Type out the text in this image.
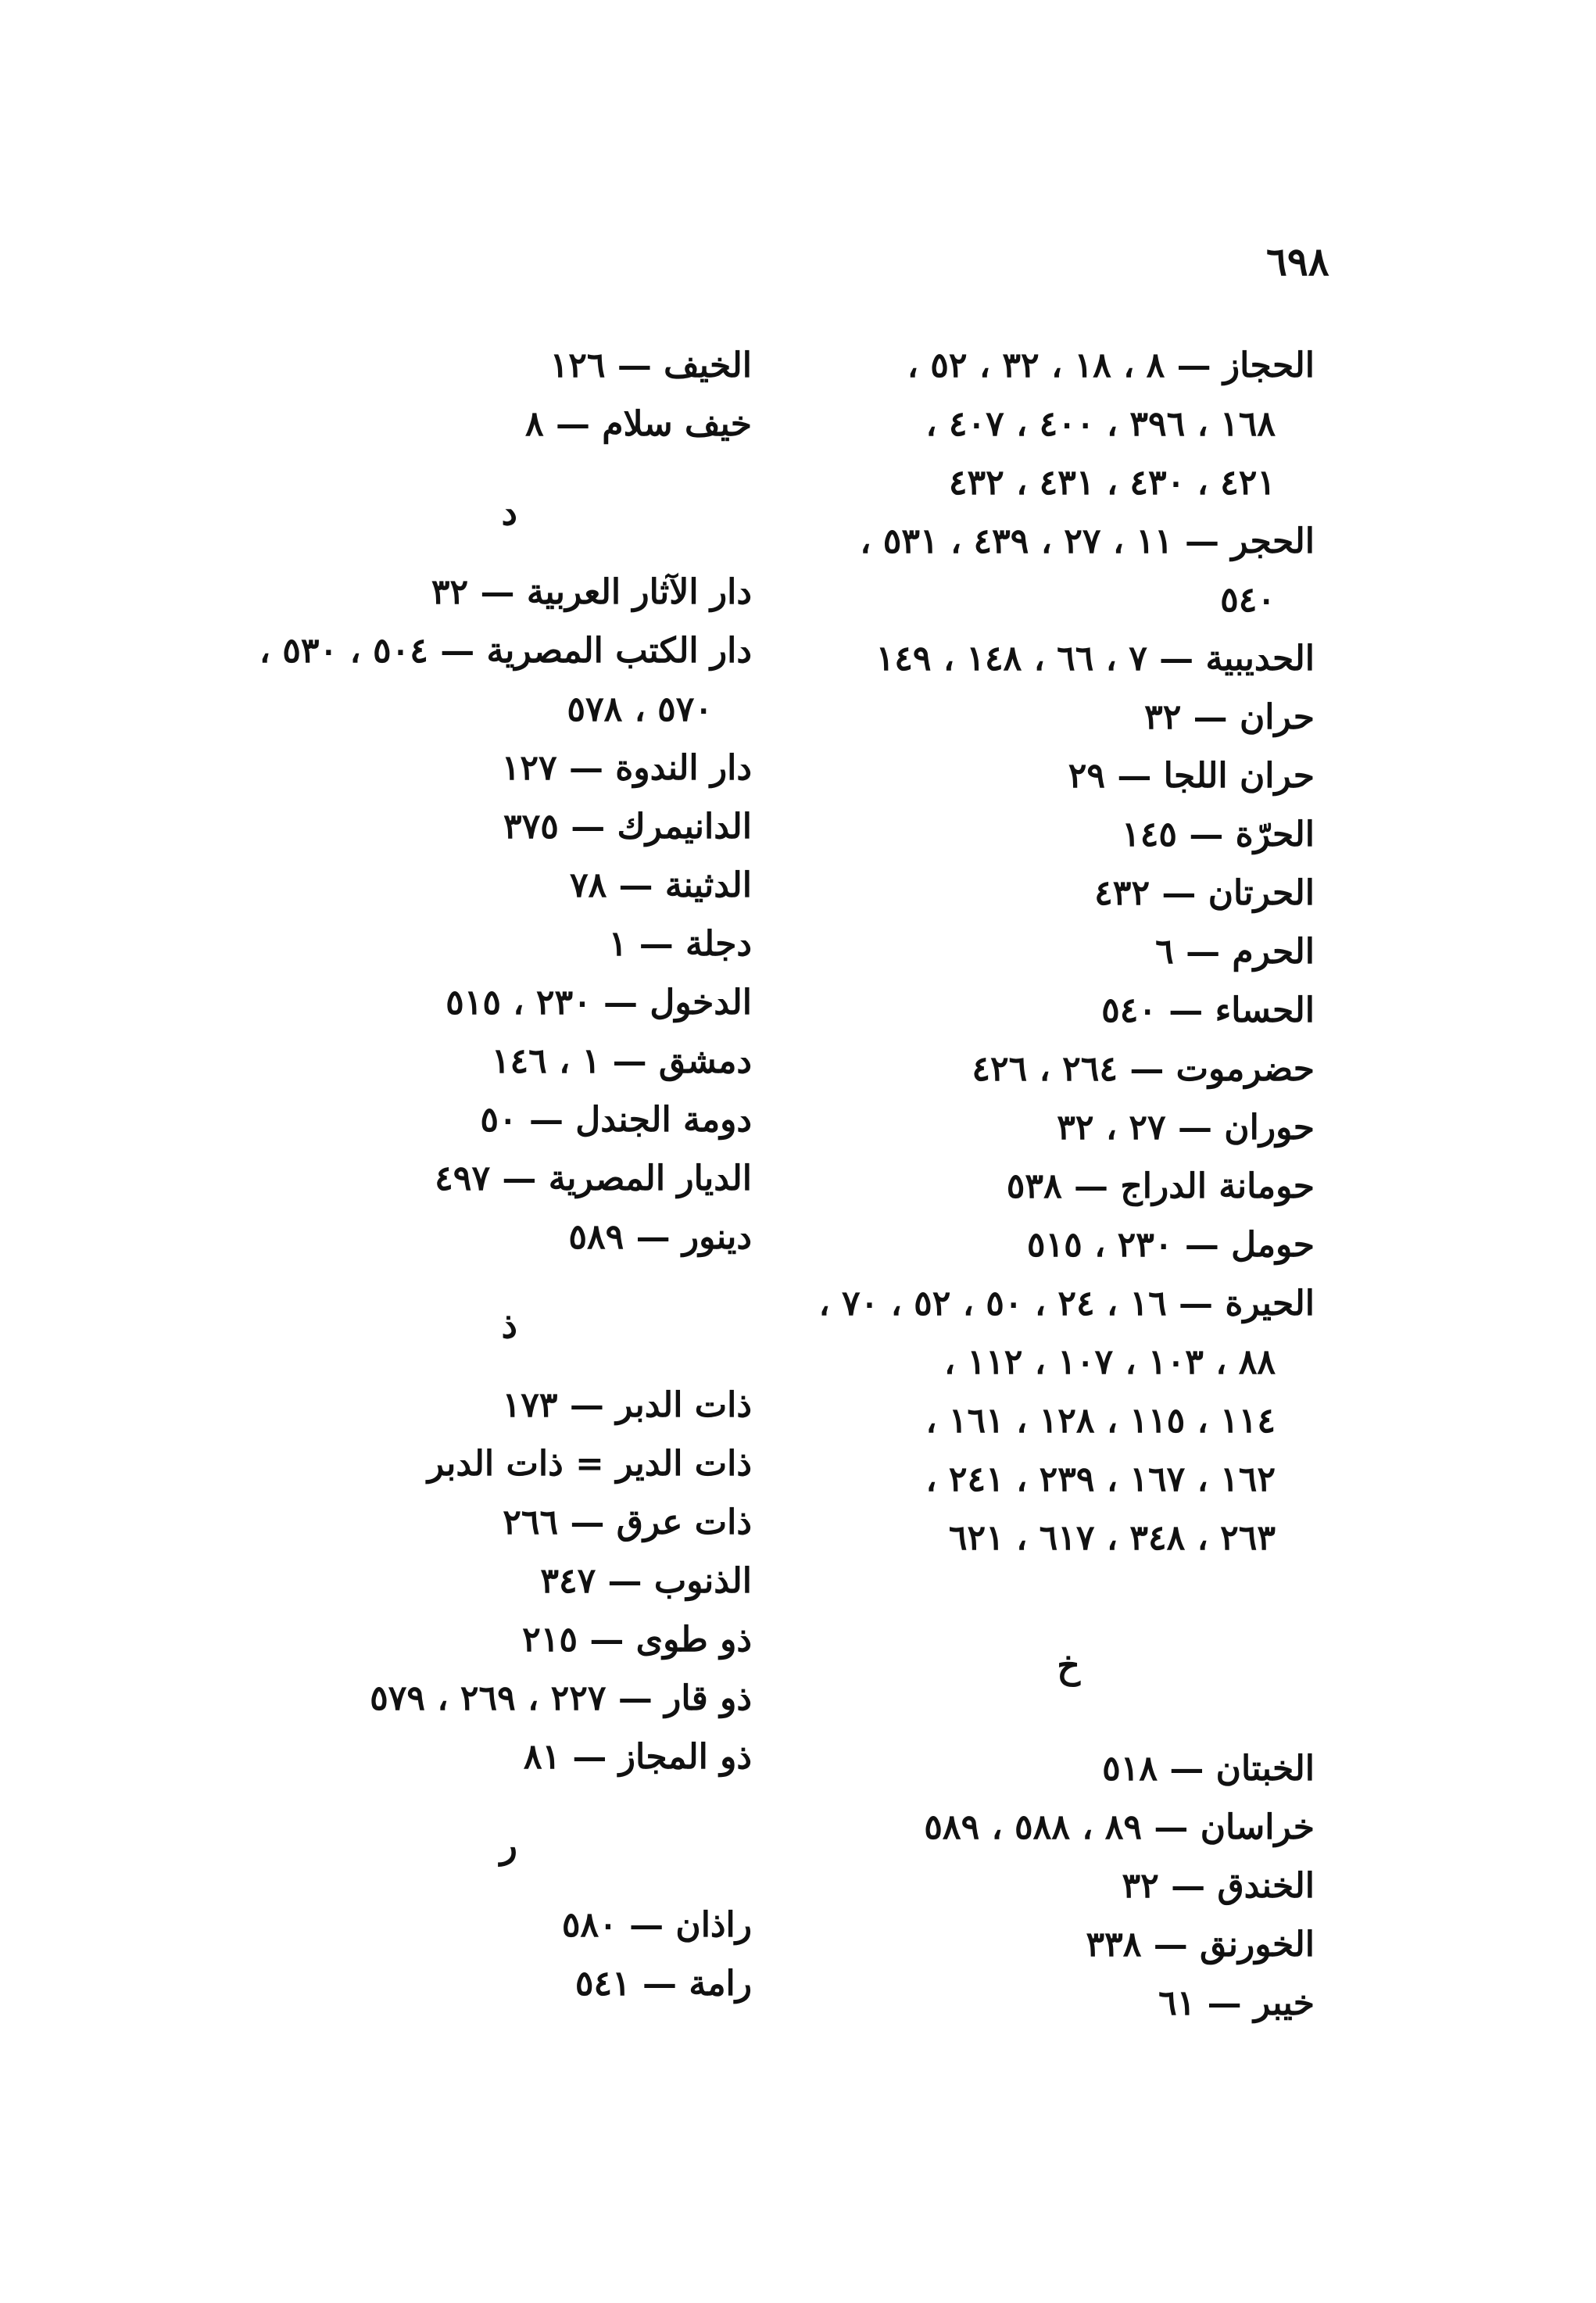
٦٩٨
الحجاز — ٨ ، ١٨ ، ٣٢ ، ٥٢ ،
١٦٨ ، ٣٩٦ ، ٤٠٠ ، ٤٠٧ ،
٤٢١ ، ٤٣٠ ، ٤٣١ ، ٤٣٢
الحجر — ١١ ، ٢٧ ، ٤٣٩ ، ٥٣١ ،
٥٤٠
الحديبية — ٧ ، ٦٦ ، ١٤٨ ، ١٤٩
حران — ٣٢
حران اللجا — ٢٩
الحرّة — ١٤٥
الحرتان — ٤٣٢
الحرم — ٦
الحساء — ٥٤٠
حضرموت — ٢٦٤ ، ٤٢٦
حوران — ٢٧ ، ٣٢
حومانة الدراج — ٥٣٨
حومل — ٢٣٠ ، ٥١٥
الحيرة — ١٦ ، ٢٤ ، ٥٠ ، ٥٢ ، ٧٠ ،
٨٨ ، ١٠٣ ، ١٠٧ ، ١١٢ ،
١١٤ ، ١١٥ ، ١٢٨ ، ١٦١ ،
١٦٢ ، ١٦٧ ، ٢٣٩ ، ٢٤١ ،
٢٦٣ ، ٣٤٨ ، ٦١٧ ، ٦٢١
خ
الخبتان — ٥١٨
خراسان — ٨٩ ، ٥٨٨ ، ٥٨٩
الخندق — ٣٢
الخورنق — ٣٣٨
خيبر — ٦١
الخيف — ١٢٦
خيف سلام — ٨
د
دار الآثار العربية — ٣٢
دار الكتب المصرية — ٥٠٤ ، ٥٣٠ ،
٥٧٠ ، ٥٧٨
دار الندوة — ١٢٧
الدانيمرك — ٣٧٥
الدثينة — ٧٨
دجلة — ١
الدخول — ٢٣٠ ، ٥١٥
دمشق — ١ ، ١٤٦
دومة الجندل — ٥٠
الديار المصرية — ٤٩٧
دينور — ٥٨٩
ذ
ذات الدبر — ١٧٣
ذات الدير = ذات الدبر
ذات عرق — ٢٦٦
الذنوب — ٣٤٧
ذو طوى — ٢١٥
ذو قار — ٢٢٧ ، ٢٦٩ ، ٥٧٩
ذو المجاز — ٨١
ر
راذان — ٥٨٠
رامة — ٥٤١
